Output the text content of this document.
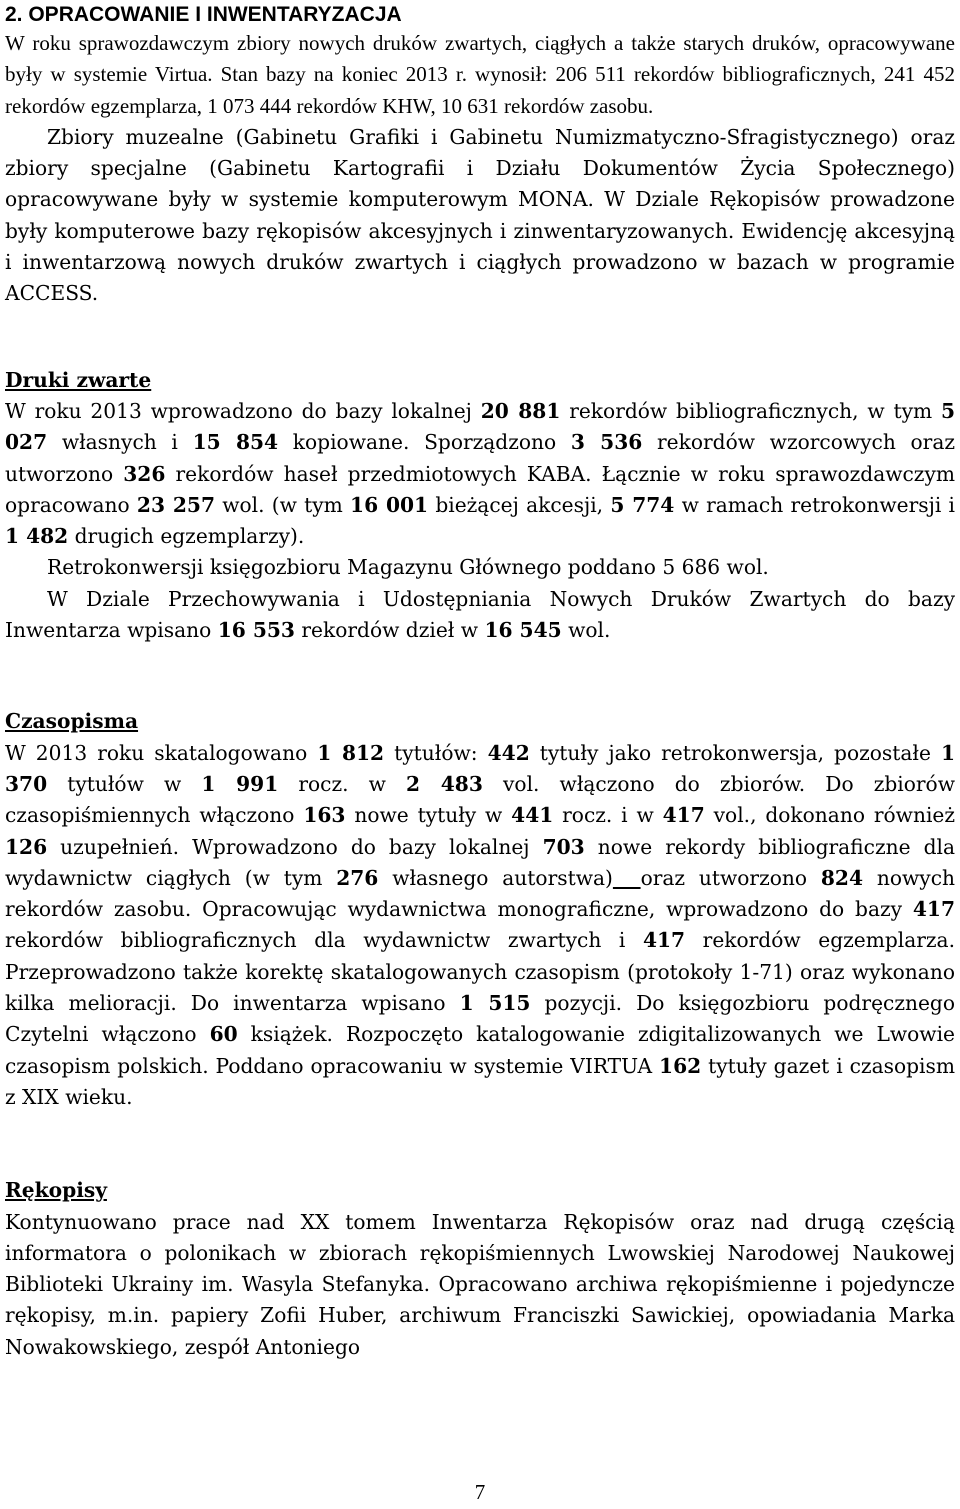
2. OPRACOWANIE I INWENTARYZACJA

W roku sprawozdawczym zbiory nowych druków zwartych, ciągłych a także starych druków, opracowywane były w systemie Virtua. Stan bazy na koniec 2013 r. wynosił: 206 511 rekordów bibliograficznych, 241 452 rekordów egzemplarza, 1 073 444 rekordów KHW, 10 631 rekordów zasobu.

Zbiory muzealne (Gabinetu Grafiki i Gabinetu Numizmatyczno-Sfragistycznego) oraz zbiory specjalne (Gabinetu Kartografii i Działu Dokumentów Życia Społecznego) opracowywane były w systemie komputerowym MONA. W Dziale Rękopisów prowadzone były komputerowe bazy rękopisów akcesyjnych i zinwentaryzowanych. Ewidencję akcesyjną i inwentarzową nowych druków zwartych i ciągłych prowadzono w bazach w programie ACCESS.

Druki zwarte

W roku 2013 wprowadzono do bazy lokalnej 20 881 rekordów bibliograficznych, w tym 5 027 własnych i 15 854 kopiowane. Sporządzono 3 536 rekordów wzorcowych oraz utworzono 326 rekordów haseł przedmiotowych KABA. Łącznie w roku sprawozdawczym opracowano 23 257 wol. (w tym 16 001 bieżącej akcesji, 5 774 w ramach retrokonwersji i 1 482 drugich egzemplarzy).

Retrokonwersji księgozbioru Magazynu Głównego poddano 5 686 wol.

W Dziale Przechowywania i Udostępniania Nowych Druków Zwartych do bazy Inwentarza wpisano 16 553 rekordów dzieł w 16 545 wol.

Czasopisma

W 2013 roku skatalogowano 1 812 tytułów: 442 tytuły jako retrokonwersja, pozostałe 1 370 tytułów w 1 991 rocz. w 2 483 vol. włączono do zbiorów. Do zbiorów czasopiśmiennych włączono 163 nowe tytuły w 441 rocz. i w 417 vol., dokonano również 126 uzupełnień. Wprowadzono do bazy lokalnej 703 nowe rekordy bibliograficzne dla wydawnictw ciągłych (w tym 276 własnego autorstwa) oraz utworzono 824 nowych rekordów zasobu. Opracowując wydawnictwa monograficzne, wprowadzono do bazy 417 rekordów bibliograficznych dla wydawnictw zwartych i 417 rekordów egzemplarza. Przeprowadzono także korektę skatalogowanych czasopism (protokoły 1-71) oraz wykonano kilka melioracji. Do inwentarza wpisano 1 515 pozycji. Do księgozbioru podręcznego Czytelni włączono 60 książek. Rozpoczęto katalogowanie zdigitalizowanych we Lwowie czasopism polskich. Poddano opracowaniu w systemie VIRTUA 162 tytuły gazet i czasopism z XIX wieku.

Rękopisy

Kontynuowano prace nad XX tomem Inwentarza Rękopisów oraz nad drugą częścią informatora o polonikach w zbiorach rękopiśmiennych Lwowskiej Narodowej Naukowej Biblioteki Ukrainy im. Wasyla Stefanyka. Opracowano archiwa rękopiśmienne i pojedyncze rękopisy, m.in. papiery Zofii Huber, archiwum Franciszki Sawickiej, opowiadania Marka Nowakowskiego, zespół Antoniego

7
